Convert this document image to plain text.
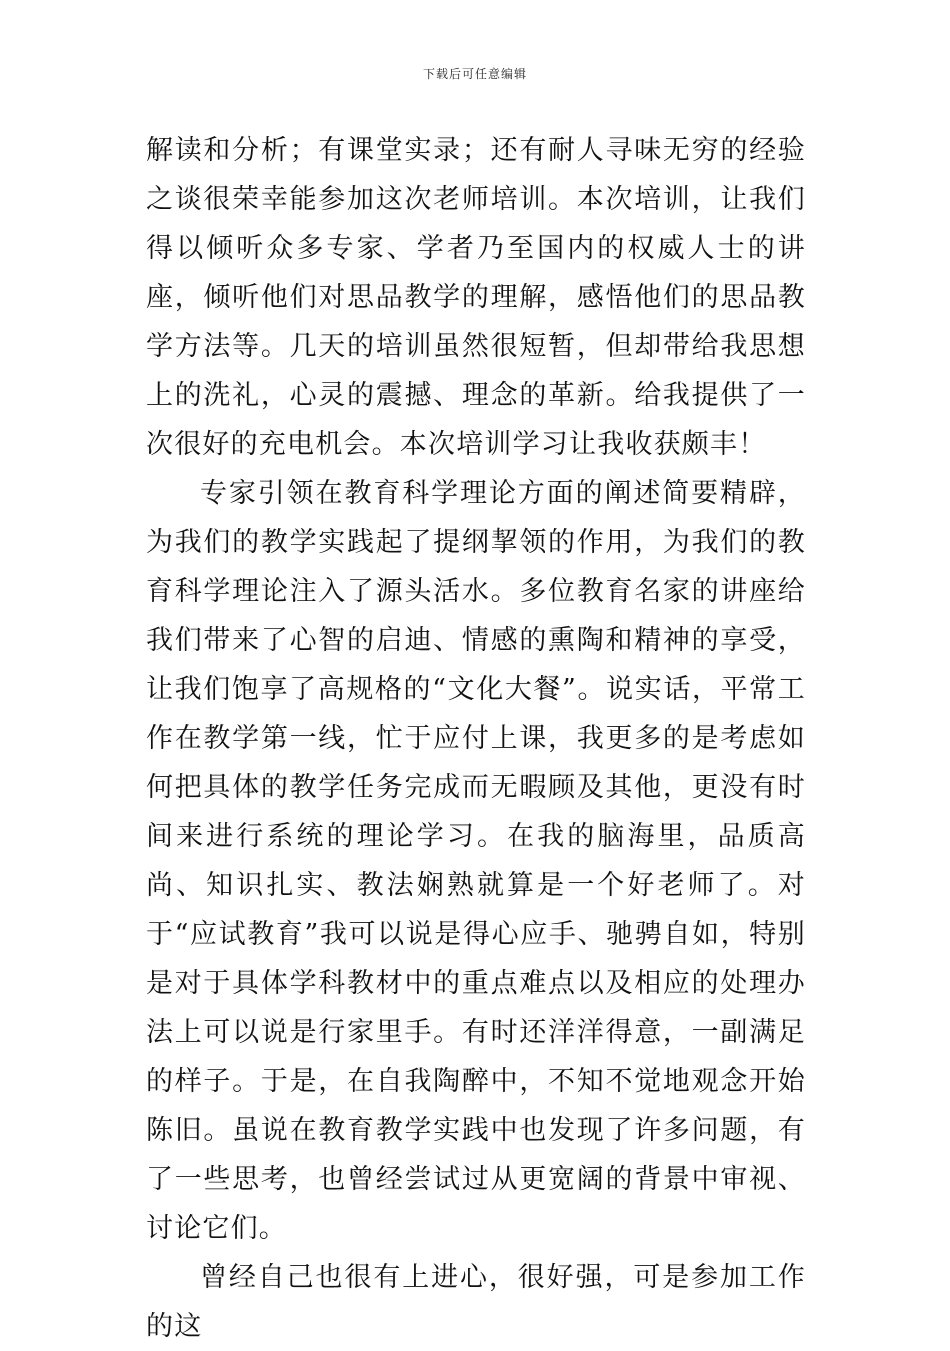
下载后可任意编辑

解读和分析；有课堂实录；还有耐人寻味无穷的经验之谈很荣幸能参加这次老师培训。本次培训，让我们得以倾听众多专家、学者乃至国内的权威人士的讲座，倾听他们对思品教学的理解，感悟他们的思品教学方法等。几天的培训虽然很短暂，但却带给我思想上的洗礼，心灵的震撼、理念的革新。给我提供了一次很好的充电机会。本次培训学习让我收获颇丰！

专家引领在教育科学理论方面的阐述简要精辟，为我们的教学实践起了提纲挈领的作用，为我们的教育科学理论注入了源头活水。多位教育名家的讲座给我们带来了心智的启迪、情感的熏陶和精神的享受，让我们饱享了高规格的“文化大餐”。说实话，平常工作在教学第一线，忙于应付上课，我更多的是考虑如何把具体的教学任务完成而无暇顾及其他，更没有时间来进行系统的理论学习。在我的脑海里，品质高尚、知识扎实、教法娴熟就算是一个好老师了。对于“应试教育”我可以说是得心应手、驰骋自如，特别是对于具体学科教材中的重点难点以及相应的处理办法上可以说是行家里手。有时还洋洋得意，一副满足的样子。于是，在自我陶醉中，不知不觉地观念开始陈旧。虽说在教育教学实践中也发现了许多问题，有了一些思考，也曾经尝试过从更宽阔的背景中审视、讨论它们。

曾经自己也很有上进心，很好强，可是参加工作的这
